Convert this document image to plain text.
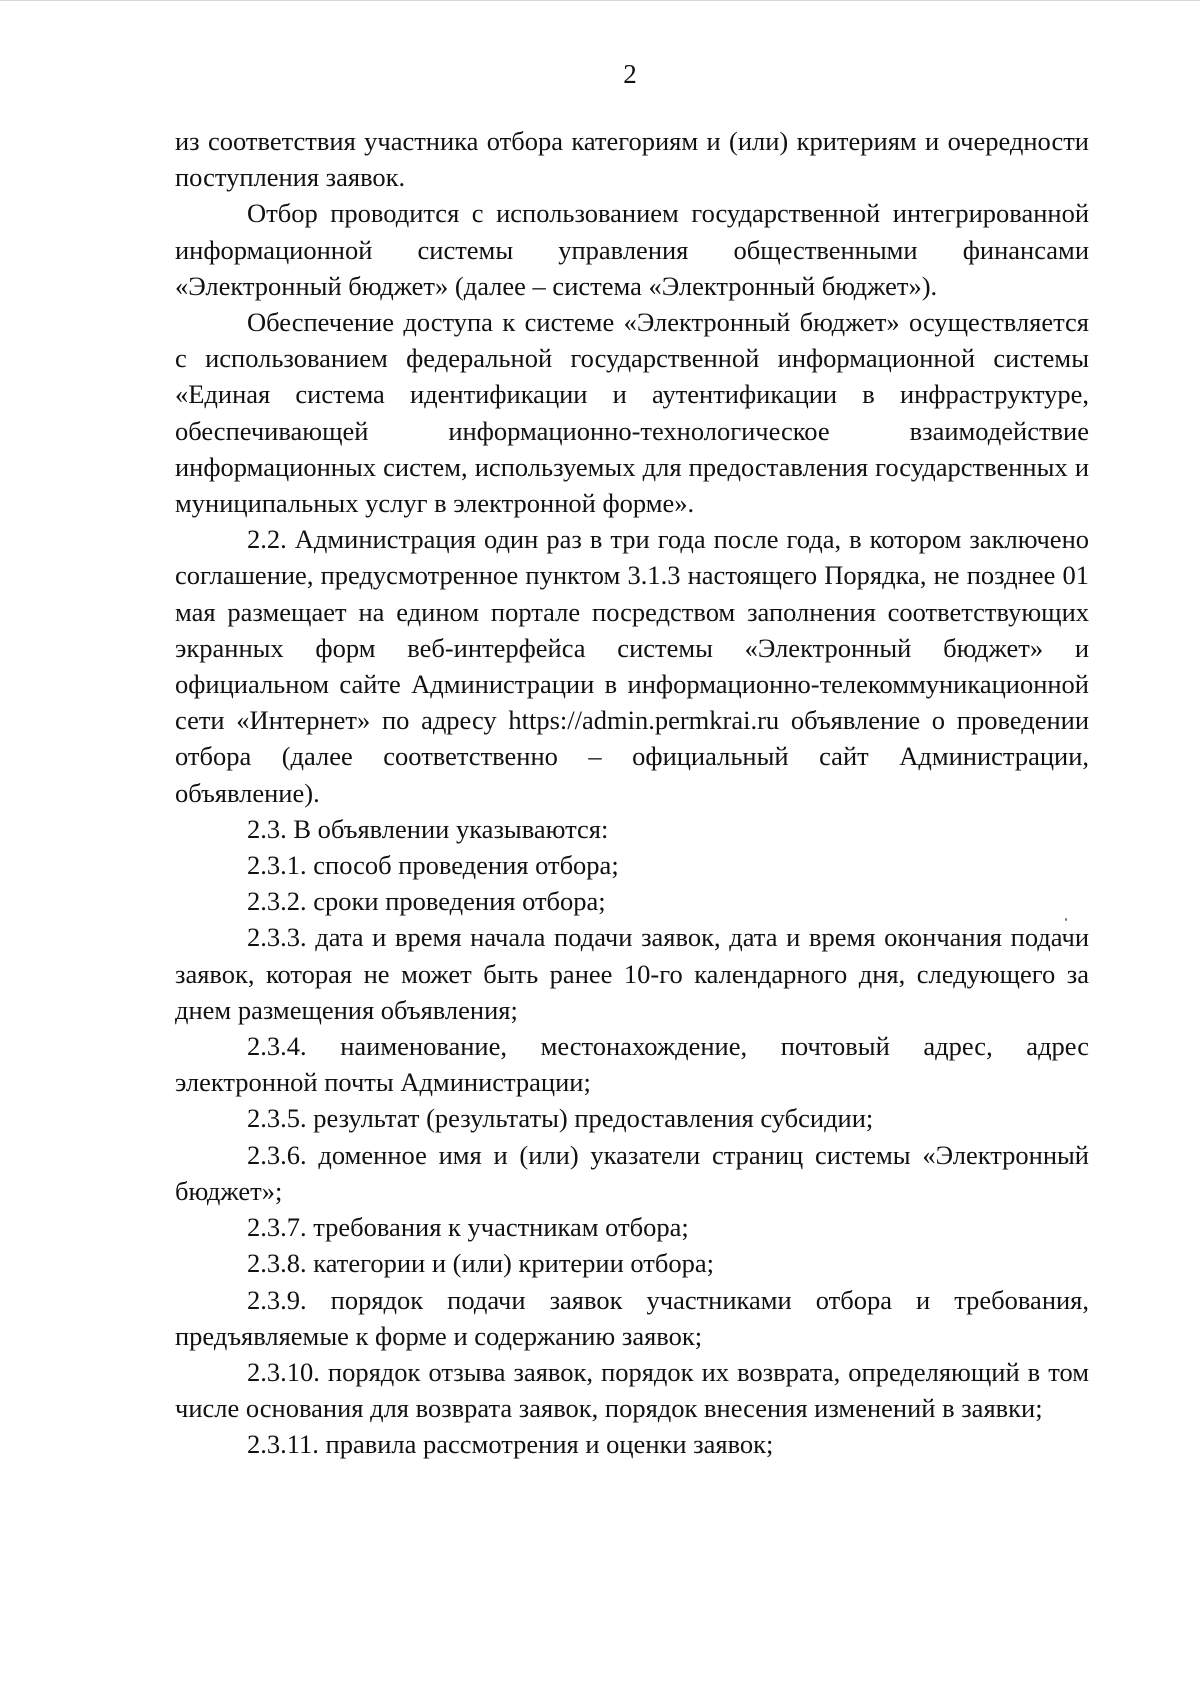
2

из соответствия участника отбора категориям и (или) критериям и очередности поступления заявок.

Отбор проводится с использованием государственной интегрированной информационной системы управления общественными финансами «Электронный бюджет» (далее – система «Электронный бюджет»).

Обеспечение доступа к системе «Электронный бюджет» осуществляется с использованием федеральной государственной информационной системы «Единая система идентификации и аутентификации в инфраструктуре, обеспечивающей информационно-технологическое взаимодействие информационных систем, используемых для предоставления государственных и муниципальных услуг в электронной форме».

2.2. Администрация один раз в три года после года, в котором заключено соглашение, предусмотренное пунктом 3.1.3 настоящего Порядка, не позднее 01 мая размещает на едином портале посредством заполнения соответствующих экранных форм веб-интерфейса системы «Электронный бюджет» и официальном сайте Администрации в информационно-телекоммуникационной сети «Интернет» по адресу https://admin.permkrai.ru объявление о проведении отбора (далее соответственно – официальный сайт Администрации, объявление).

2.3. В объявлении указываются:

2.3.1. способ проведения отбора;

2.3.2. сроки проведения отбора;

2.3.3. дата и время начала подачи заявок, дата и время окончания подачи заявок, которая не может быть ранее 10-го календарного дня, следующего за днем размещения объявления;

2.3.4. наименование, местонахождение, почтовый адрес, адрес электронной почты Администрации;

2.3.5. результат (результаты) предоставления субсидии;

2.3.6. доменное имя и (или) указатели страниц системы «Электронный бюджет»;

2.3.7. требования к участникам отбора;

2.3.8. категории и (или) критерии отбора;

2.3.9. порядок подачи заявок участниками отбора и требования, предъявляемые к форме и содержанию заявок;

2.3.10. порядок отзыва заявок, порядок их возврата, определяющий в том числе основания для возврата заявок, порядок внесения изменений в заявки;

2.3.11. правила рассмотрения и оценки заявок;
